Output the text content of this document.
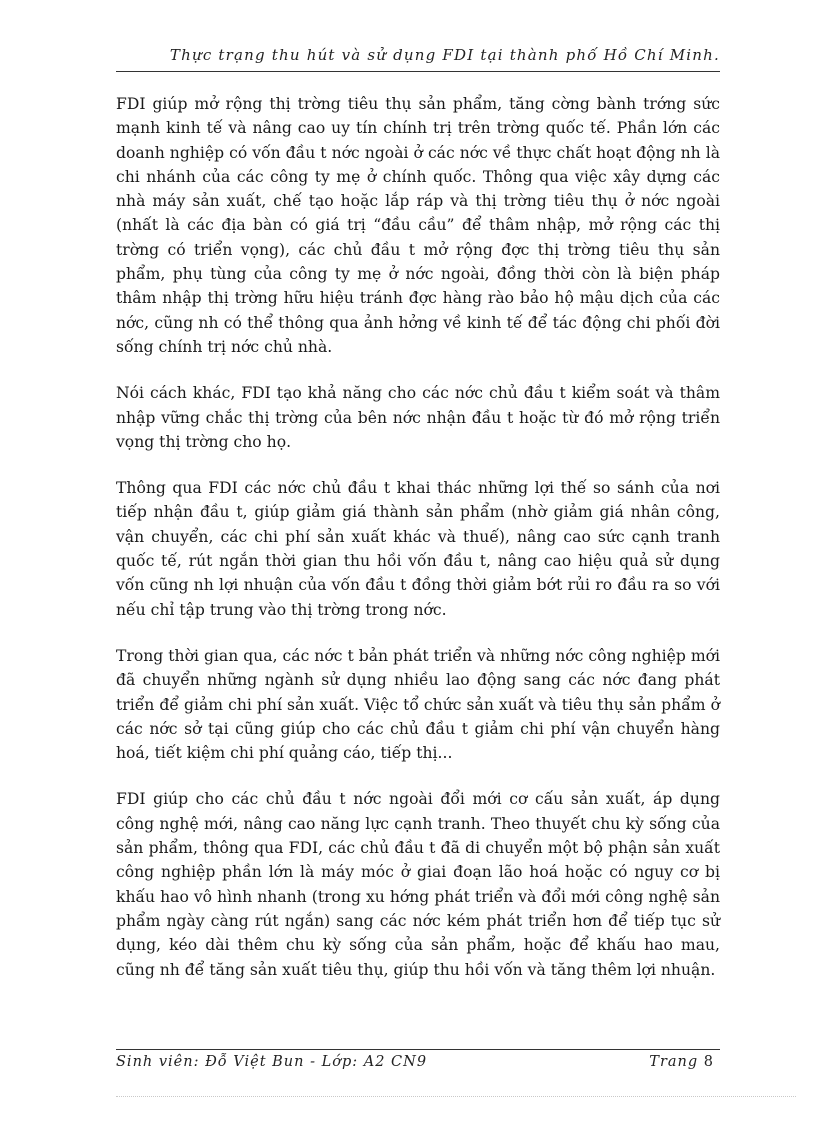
Thực trạng thu hút và sử dụng FDI tại thành phố Hồ Chí Minh.

FDI giúp mở rộng thị trờng tiêu thụ sản phẩm, tăng cờng bành trớng sức mạnh kinh tế và nâng cao uy tín chính trị trên trờng quốc tế. Phần lớn các doanh nghiệp có vốn đầu t nớc ngoài ở các nớc về thực chất hoạt động nh là chi nhánh của các công ty mẹ ở chính quốc. Thông qua việc xây dựng các nhà máy sản xuất, chế tạo hoặc lắp ráp và thị trờng tiêu thụ ở nớc ngoài (nhất là các địa bàn có giá trị “đầu cầu” để thâm nhập, mở rộng các thị trờng có triển vọng), các chủ đầu t mở rộng đợc thị trờng tiêu thụ sản phẩm, phụ tùng của công ty mẹ ở nớc ngoài, đồng thời còn là biện pháp thâm nhập thị trờng hữu hiệu tránh đợc hàng rào bảo hộ mậu dịch của các nớc, cũng nh có thể thông qua ảnh hởng về kinh tế để tác động chi phối đời sống chính trị nớc chủ nhà.

Nói cách khác, FDI tạo khả năng cho các nớc chủ đầu t kiểm soát và thâm nhập vững chắc thị trờng của bên nớc nhận đầu t hoặc từ đó mở rộng triển vọng thị trờng cho họ.

Thông qua FDI các nớc chủ đầu t khai thác những lợi thế so sánh của nơi tiếp nhận đầu t, giúp giảm giá thành sản phẩm (nhờ giảm giá nhân công, vận chuyển, các chi phí sản xuất khác và thuế), nâng cao sức cạnh tranh quốc tế, rút ngắn thời gian thu hồi vốn đầu t, nâng cao hiệu quả sử dụng vốn cũng nh lợi nhuận của vốn đầu t đồng thời giảm bớt rủi ro đầu ra so với nếu chỉ tập trung vào thị trờng trong nớc.

Trong thời gian qua, các nớc t bản phát triển và những nớc công nghiệp mới đã chuyển những ngành sử dụng nhiều lao động sang các nớc đang phát triển để giảm chi phí sản xuất. Việc tổ chức sản xuất và tiêu thụ sản phẩm ở các nớc sở tại cũng giúp cho các chủ đầu t giảm chi phí vận chuyển hàng hoá, tiết kiệm chi phí quảng cáo, tiếp thị...

FDI giúp cho các chủ đầu t nớc ngoài đổi mới cơ cấu sản xuất, áp dụng công nghệ mới, nâng cao năng lực cạnh tranh. Theo thuyết chu kỳ sống của sản phẩm, thông qua FDI, các chủ đầu t đã di chuyển một bộ phận sản xuất công nghiệp phần lớn là máy móc ở giai đoạn lão hoá hoặc có nguy cơ bị khấu hao vô hình nhanh (trong xu hớng phát triển và đổi mới công nghệ sản phẩm ngày càng rút ngắn) sang các nớc kém phát triển hơn để tiếp tục sử dụng, kéo dài thêm chu kỳ sống của sản phẩm, hoặc để khấu hao mau, cũng nh để tăng sản xuất tiêu thụ, giúp thu hồi vốn và tăng thêm lợi nhuận.

Sinh viên: Đỗ Việt Bun - Lớp: A2 CN9	Trang 8
